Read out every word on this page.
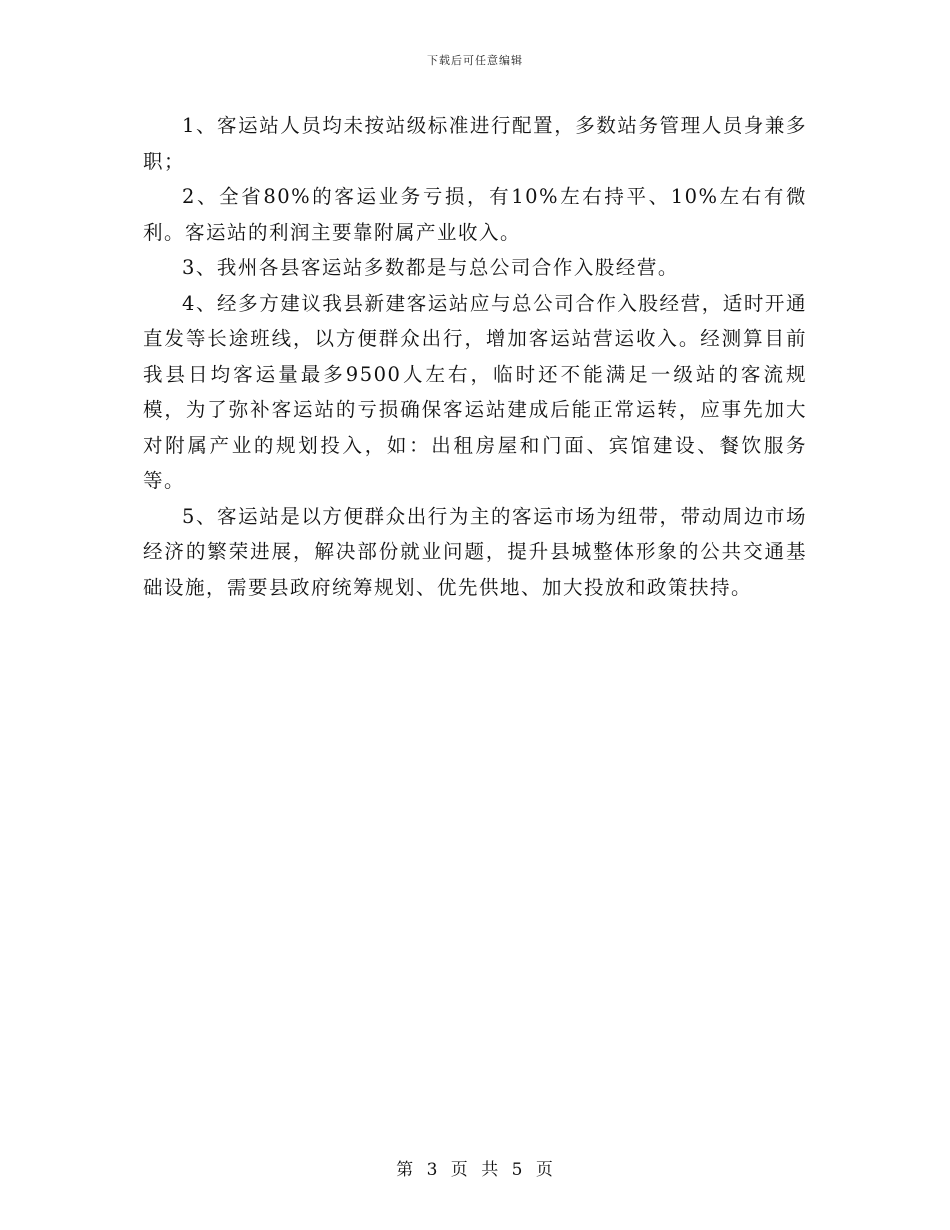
下载后可任意编辑

1、客运站人员均未按站级标准进行配置，多数站务管理人员身兼多职；

2、全省80%的客运业务亏损，有10%左右持平、10%左右有微利。客运站的利润主要靠附属产业收入。

3、我州各县客运站多数都是与总公司合作入股经营。

4、经多方建议我县新建客运站应与总公司合作入股经营，适时开通直发等长途班线，以方便群众出行，增加客运站营运收入。经测算目前我县日均客运量最多9500人左右，临时还不能满足一级站的客流规模，为了弥补客运站的亏损确保客运站建成后能正常运转，应事先加大对附属产业的规划投入，如：出租房屋和门面、宾馆建设、餐饮服务等。

5、客运站是以方便群众出行为主的客运市场为纽带，带动周边市场经济的繁荣进展，解决部份就业问题，提升县城整体形象的公共交通基础设施，需要县政府统筹规划、优先供地、加大投放和政策扶持。

第 3 页 共 5 页
